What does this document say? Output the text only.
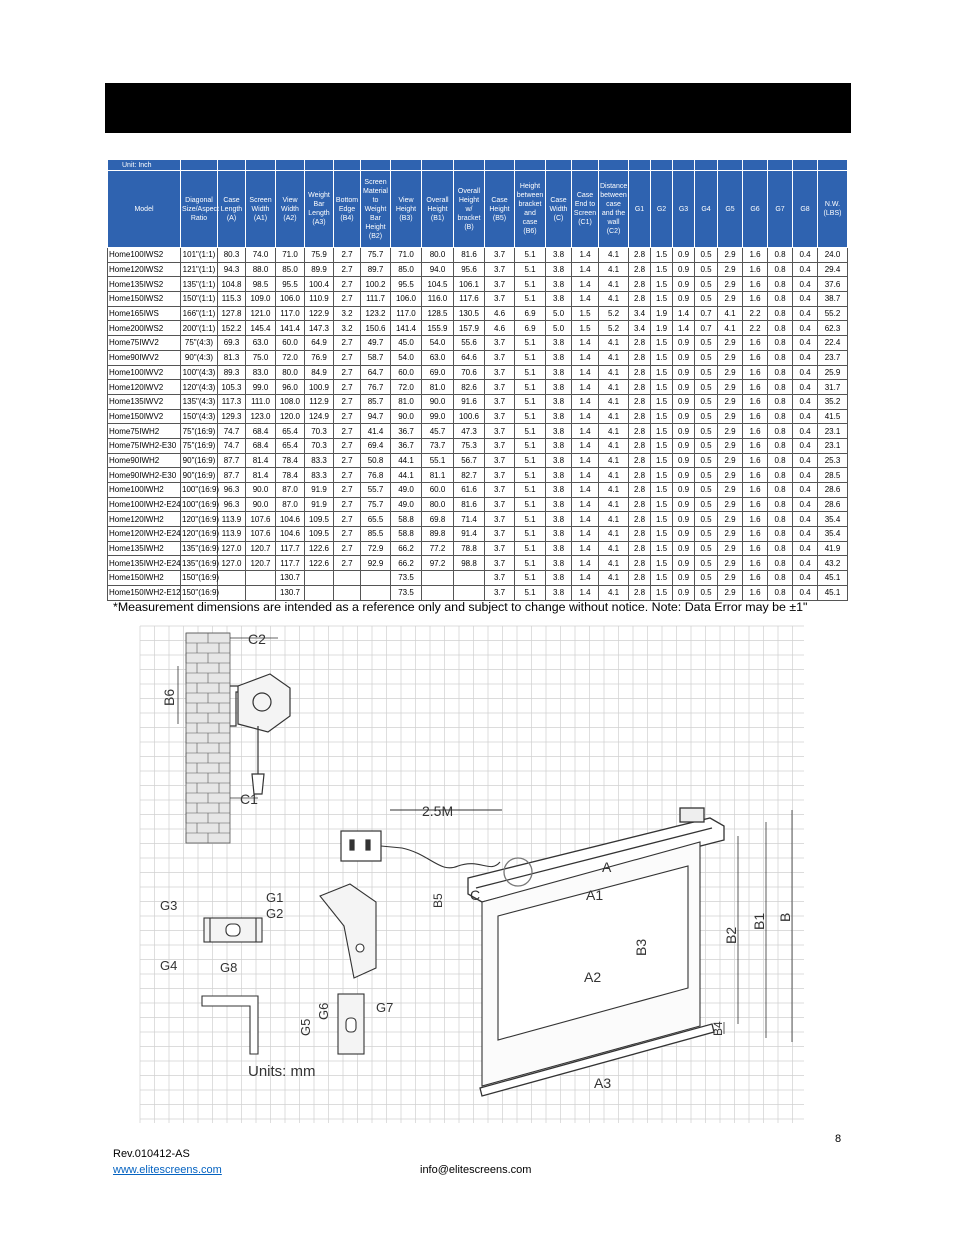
Unit: Inch																								
Model	Diagonal Size/Aspect Ratio	Case Length (A)	Screen Width (A1)	View Width (A2)	Weight Bar Length (A3)	Bottom Edge (B4)	Screen Material to Weight Bar Height (B2)	View Height (B3)	Overall Height (B1)	Overall Height w/ bracket (B)	Case Height (B5)	Height between bracket and case (B6)	Case Width (C)	Case End to Screen (C1)	Distance between case and the wall (C2)	G1	G2	G3	G4	G5	G6	G7	G8	N.W. (LBS)
Home100IWS2	101"(1:1)	80.3	74.0	71.0	75.9	2.7	75.7	71.0	80.0	81.6	3.7	5.1	3.8	1.4	4.1	2.8	1.5	0.9	0.5	2.9	1.6	0.8	0.4	24.0
Home120IWS2	121"(1:1)	94.3	88.0	85.0	89.9	2.7	89.7	85.0	94.0	95.6	3.7	5.1	3.8	1.4	4.1	2.8	1.5	0.9	0.5	2.9	1.6	0.8	0.4	29.4
Home135IWS2	135"(1:1)	104.8	98.5	95.5	100.4	2.7	100.2	95.5	104.5	106.1	3.7	5.1	3.8	1.4	4.1	2.8	1.5	0.9	0.5	2.9	1.6	0.8	0.4	37.6
Home150IWS2	150"(1:1)	115.3	109.0	106.0	110.9	2.7	111.7	106.0	116.0	117.6	3.7	5.1	3.8	1.4	4.1	2.8	1.5	0.9	0.5	2.9	1.6	0.8	0.4	38.7
Home165IWS	166"(1:1)	127.8	121.0	117.0	122.9	3.2	123.2	117.0	128.5	130.5	4.6	6.9	5.0	1.5	5.2	3.4	1.9	1.4	0.7	4.1	2.2	0.8	0.4	55.2
Home200IWS2	200"(1:1)	152.2	145.4	141.4	147.3	3.2	150.6	141.4	155.9	157.9	4.6	6.9	5.0	1.5	5.2	3.4	1.9	1.4	0.7	4.1	2.2	0.8	0.4	62.3
Home75IWV2	75"(4:3)	69.3	63.0	60.0	64.9	2.7	49.7	45.0	54.0	55.6	3.7	5.1	3.8	1.4	4.1	2.8	1.5	0.9	0.5	2.9	1.6	0.8	0.4	22.4
Home90IWV2	90"(4:3)	81.3	75.0	72.0	76.9	2.7	58.7	54.0	63.0	64.6	3.7	5.1	3.8	1.4	4.1	2.8	1.5	0.9	0.5	2.9	1.6	0.8	0.4	23.7
Home100IWV2	100"(4:3)	89.3	83.0	80.0	84.9	2.7	64.7	60.0	69.0	70.6	3.7	5.1	3.8	1.4	4.1	2.8	1.5	0.9	0.5	2.9	1.6	0.8	0.4	25.9
Home120IWV2	120"(4:3)	105.3	99.0	96.0	100.9	2.7	76.7	72.0	81.0	82.6	3.7	5.1	3.8	1.4	4.1	2.8	1.5	0.9	0.5	2.9	1.6	0.8	0.4	31.7
Home135IWV2	135"(4:3)	117.3	111.0	108.0	112.9	2.7	85.7	81.0	90.0	91.6	3.7	5.1	3.8	1.4	4.1	2.8	1.5	0.9	0.5	2.9	1.6	0.8	0.4	35.2
Home150IWV2	150"(4:3)	129.3	123.0	120.0	124.9	2.7	94.7	90.0	99.0	100.6	3.7	5.1	3.8	1.4	4.1	2.8	1.5	0.9	0.5	2.9	1.6	0.8	0.4	41.5
Home75IWH2	75"(16:9)	74.7	68.4	65.4	70.3	2.7	41.4	36.7	45.7	47.3	3.7	5.1	3.8	1.4	4.1	2.8	1.5	0.9	0.5	2.9	1.6	0.8	0.4	23.1
Home75IWH2-E30	75"(16:9)	74.7	68.4	65.4	70.3	2.7	69.4	36.7	73.7	75.3	3.7	5.1	3.8	1.4	4.1	2.8	1.5	0.9	0.5	2.9	1.6	0.8	0.4	23.1
Home90IWH2	90"(16:9)	87.7	81.4	78.4	83.3	2.7	50.8	44.1	55.1	56.7	3.7	5.1	3.8	1.4	4.1	2.8	1.5	0.9	0.5	2.9	1.6	0.8	0.4	25.3
Home90IWH2-E30	90"(16:9)	87.7	81.4	78.4	83.3	2.7	76.8	44.1	81.1	82.7	3.7	5.1	3.8	1.4	4.1	2.8	1.5	0.9	0.5	2.9	1.6	0.8	0.4	28.5
Home100IWH2	100"(16:9)	96.3	90.0	87.0	91.9	2.7	55.7	49.0	60.0	61.6	3.7	5.1	3.8	1.4	4.1	2.8	1.5	0.9	0.5	2.9	1.6	0.8	0.4	28.6
Home100IWH2-E24	100"(16:9)	96.3	90.0	87.0	91.9	2.7	75.7	49.0	80.0	81.6	3.7	5.1	3.8	1.4	4.1	2.8	1.5	0.9	0.5	2.9	1.6	0.8	0.4	28.6
Home120IWH2	120"(16:9)	113.9	107.6	104.6	109.5	2.7	65.5	58.8	69.8	71.4	3.7	5.1	3.8	1.4	4.1	2.8	1.5	0.9	0.5	2.9	1.6	0.8	0.4	35.4
Home120IWH2-E24	120"(16:9)	113.9	107.6	104.6	109.5	2.7	85.5	58.8	89.8	91.4	3.7	5.1	3.8	1.4	4.1	2.8	1.5	0.9	0.5	2.9	1.6	0.8	0.4	35.4
Home135IWH2	135"(16:9)	127.0	120.7	117.7	122.6	2.7	72.9	66.2	77.2	78.8	3.7	5.1	3.8	1.4	4.1	2.8	1.5	0.9	0.5	2.9	1.6	0.8	0.4	41.9
Home135IWH2-E24	135"(16:9)	127.0	120.7	117.7	122.6	2.7	92.9	66.2	97.2	98.8	3.7	5.1	3.8	1.4	4.1	2.8	1.5	0.9	0.5	2.9	1.6	0.8	0.4	43.2
Home150IWH2	150"(16:9)			130.7				73.5			3.7	5.1	3.8	1.4	4.1	2.8	1.5	0.9	0.5	2.9	1.6	0.8	0.4	45.1
Home150IWH2-E12	150"(16:9)			130.7				73.5			3.7	5.1	3.8	1.4	4.1	2.8	1.5	0.9	0.5	2.9	1.6	0.8	0.4	45.1
*Measurement dimensions are intended as a reference only and subject to change without notice. Note: Data Error may be ±1"
C2
B6
C1
2.5M
A
A1
A2
A3
C
B5
B3
B2
B1 B
B4
G1
G2
G3
G4	G8
G5
G6	G7
Units: mm
8
Rev.010412-AS
www.elitescreens.com	info@elitescreens.com
